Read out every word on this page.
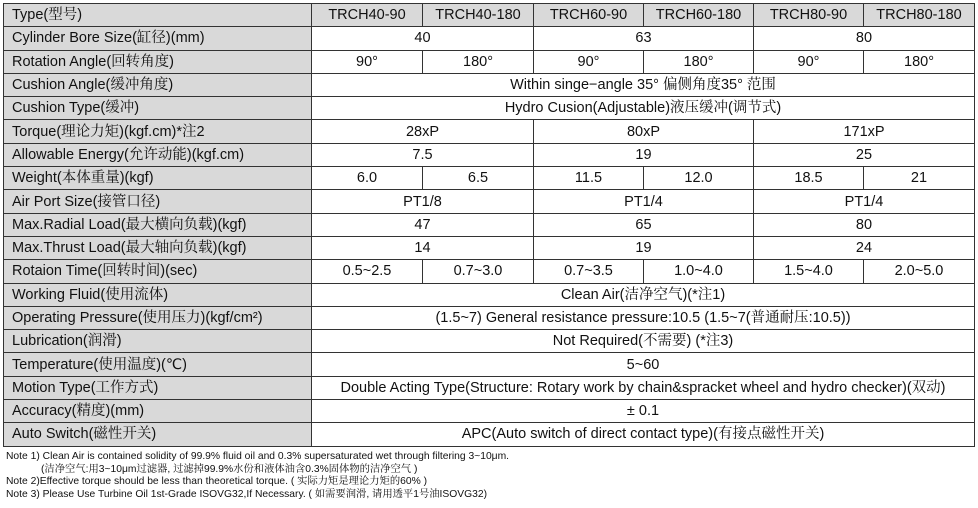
Type(型号)	TRCH40-90	TRCH40-180	TRCH60-90	TRCH60-180	TRCH80-90	TRCH80-180
Cylinder Bore Size(缸径)(mm)	40		63		80	
Rotation Angle(回转角度)	90°	180°	90°	180°	90°	180°
Cushion Angle(缓冲角度)	Within singe−angle 35° 偏侧角度35° 范围					
Cushion Type(缓冲)	Hydro Cusion(Adjustable)液压缓冲(调节式)					
Torque(理论力矩)(kgf.cm)*注2	28xP		80xP		171xP	
Allowable Energy(允许动能)(kgf.cm)	7.5		19		25	
Weight(本体重量)(kgf)	6.0	6.5	11.5	12.0	18.5	21
Air Port Size(接管口径)	PT1/8		PT1/4		PT1/4	
Max.Radial Load(最大横向负载)(kgf)	47		65		80	
Max.Thrust Load(最大轴向负载)(kgf)	14		19		24	
Rotaion Time(回转时间)(sec)	0.5~2.5	0.7~3.0	0.7~3.5	1.0~4.0	1.5~4.0	2.0~5.0
Working Fluid(使用流体)	Clean Air(洁净空气)(*注1)					
Operating Pressure(使用压力)(kgf/cm²)	(1.5~7) General resistance pressure:10.5 (1.5~7(普通耐压:10.5))					
Lubrication(润滑)	Not Required(不需要) (*注3)					
Temperature(使用温度)(℃)	5~60					
Motion Type(工作方式)	Double Acting Type(Structure: Rotary work by chain&spracket wheel and hydro checker)(双动)					
Accuracy(精度)(mm)	± 0.1					
Auto Switch(磁性开关)	APC(Auto switch of direct contact type)(有接点磁性开关)					
Note 1) Clean Air is contained solidity of 99.9% fluid oil and 0.3% supersaturated wet through filtering 3~10μm.
(洁净空气:用3~10μm过滤器, 过滤掉99.9%水份和液体油含0.3%固体物的洁净空气 )
Note 2)Effective torque should be less than theoretical torque. ( 实际力矩是理论力矩的60% )
Note 3) Please Use Turbine Oil 1st-Grade ISOVG32,If Necessary. ( 如需要润滑, 请用透平1号油ISOVG32)
